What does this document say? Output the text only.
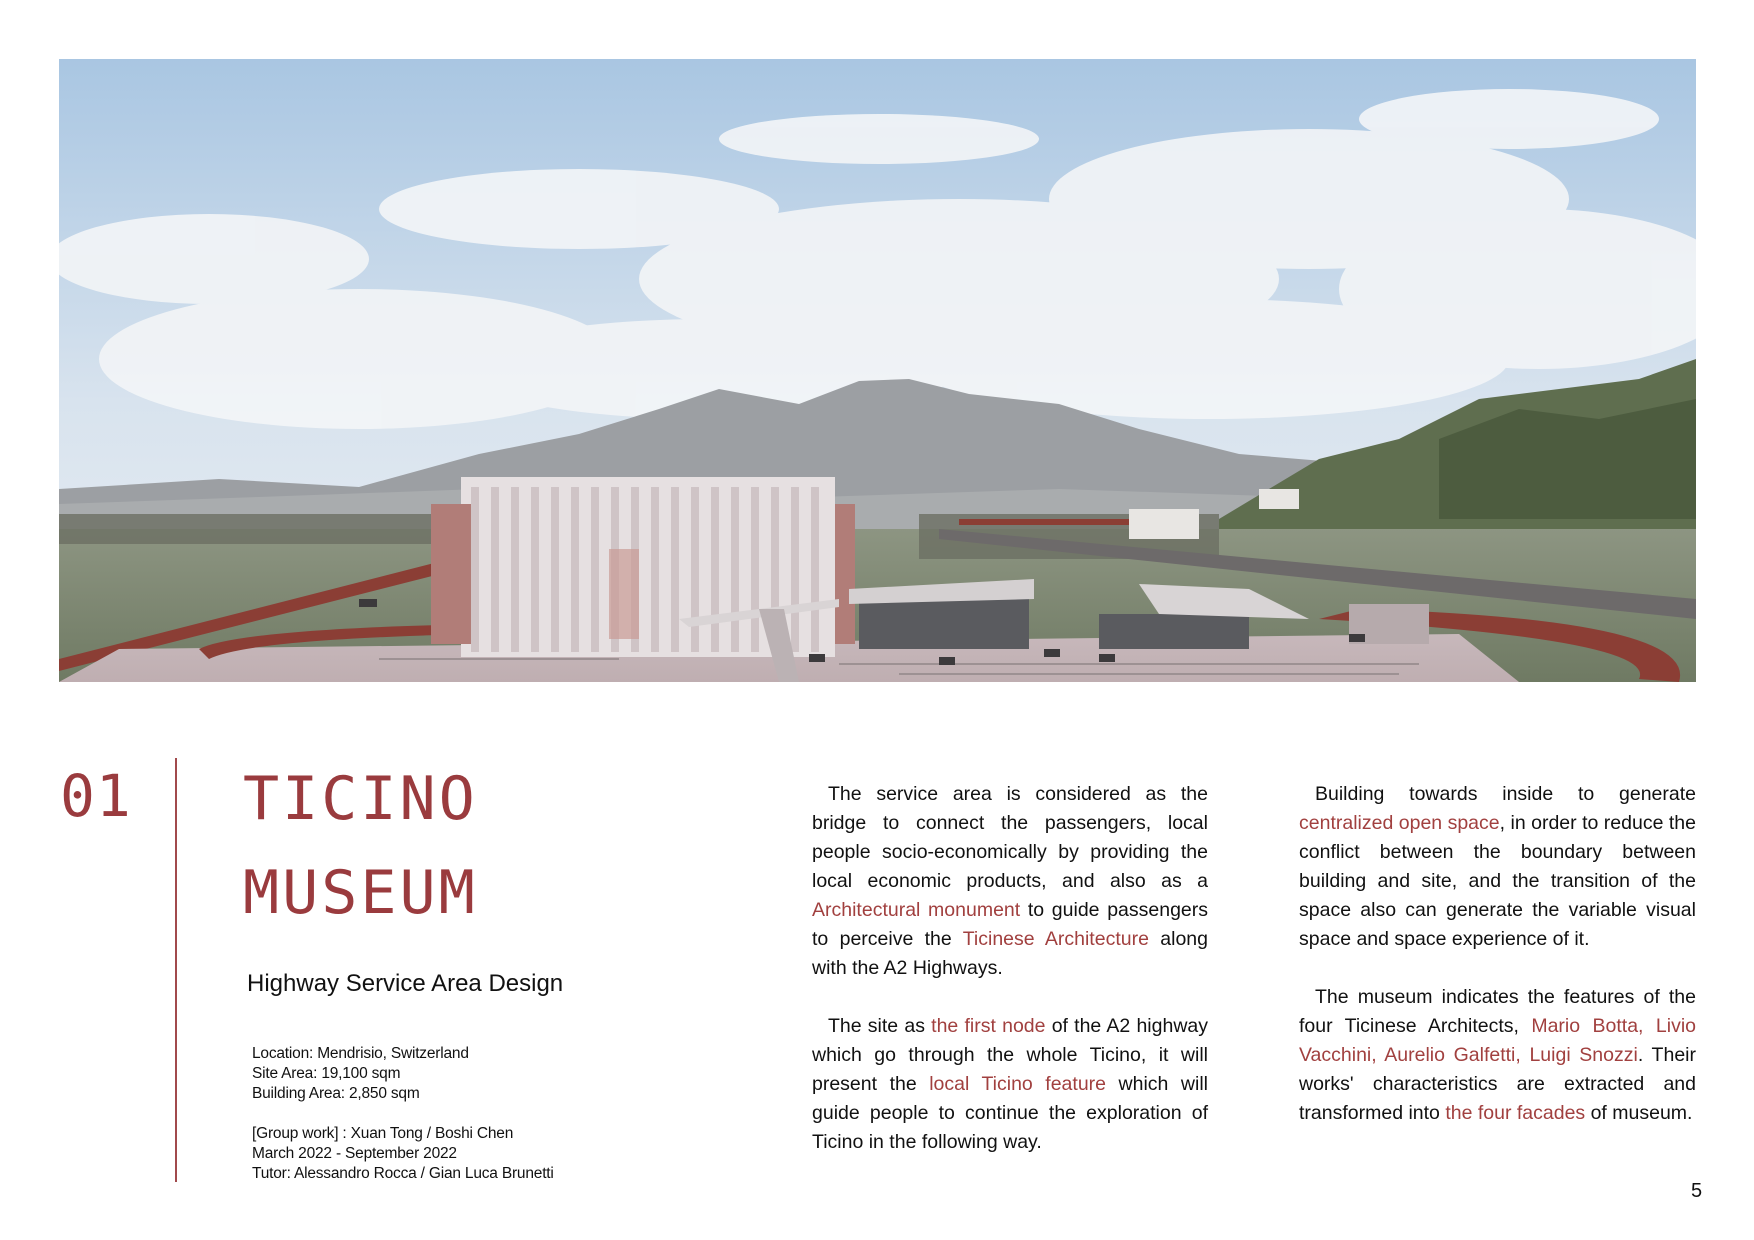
01 TICINO
MUSEUM
Highway Service Area Design
Location: Mendrisio, Switzerland
Site Area: 19,100 sqm
Building Area: 2,850 sqm
[Group work] : Xuan Tong / Boshi Chen
March 2022 - September 2022
Tutor: Alessandro Rocca / Gian Luca Brunetti

The service area is considered as the bridge to connect the passengers, local people socio-economically by providing the local economic products, and also as a Architectural monument to guide passengers to perceive the Ticinese Architecture along with the A2 Highways.

The site as the first node of the A2 highway which go through the whole Ticino, it will present the local Ticino feature which will guide people to continue the exploration of Ticino in the following way.

Building towards inside to generate centralized open space, in order to reduce the conflict between the boundary between building and site, and the transition of the space also can generate the variable visual space and space experience of it.

The museum indicates the features of the four Ticinese Architects, Mario Botta, Livio Vacchini, Aurelio Galfetti, Luigi Snozzi. Their works' characteristics are extracted and transformed into the four facades of museum.

5
